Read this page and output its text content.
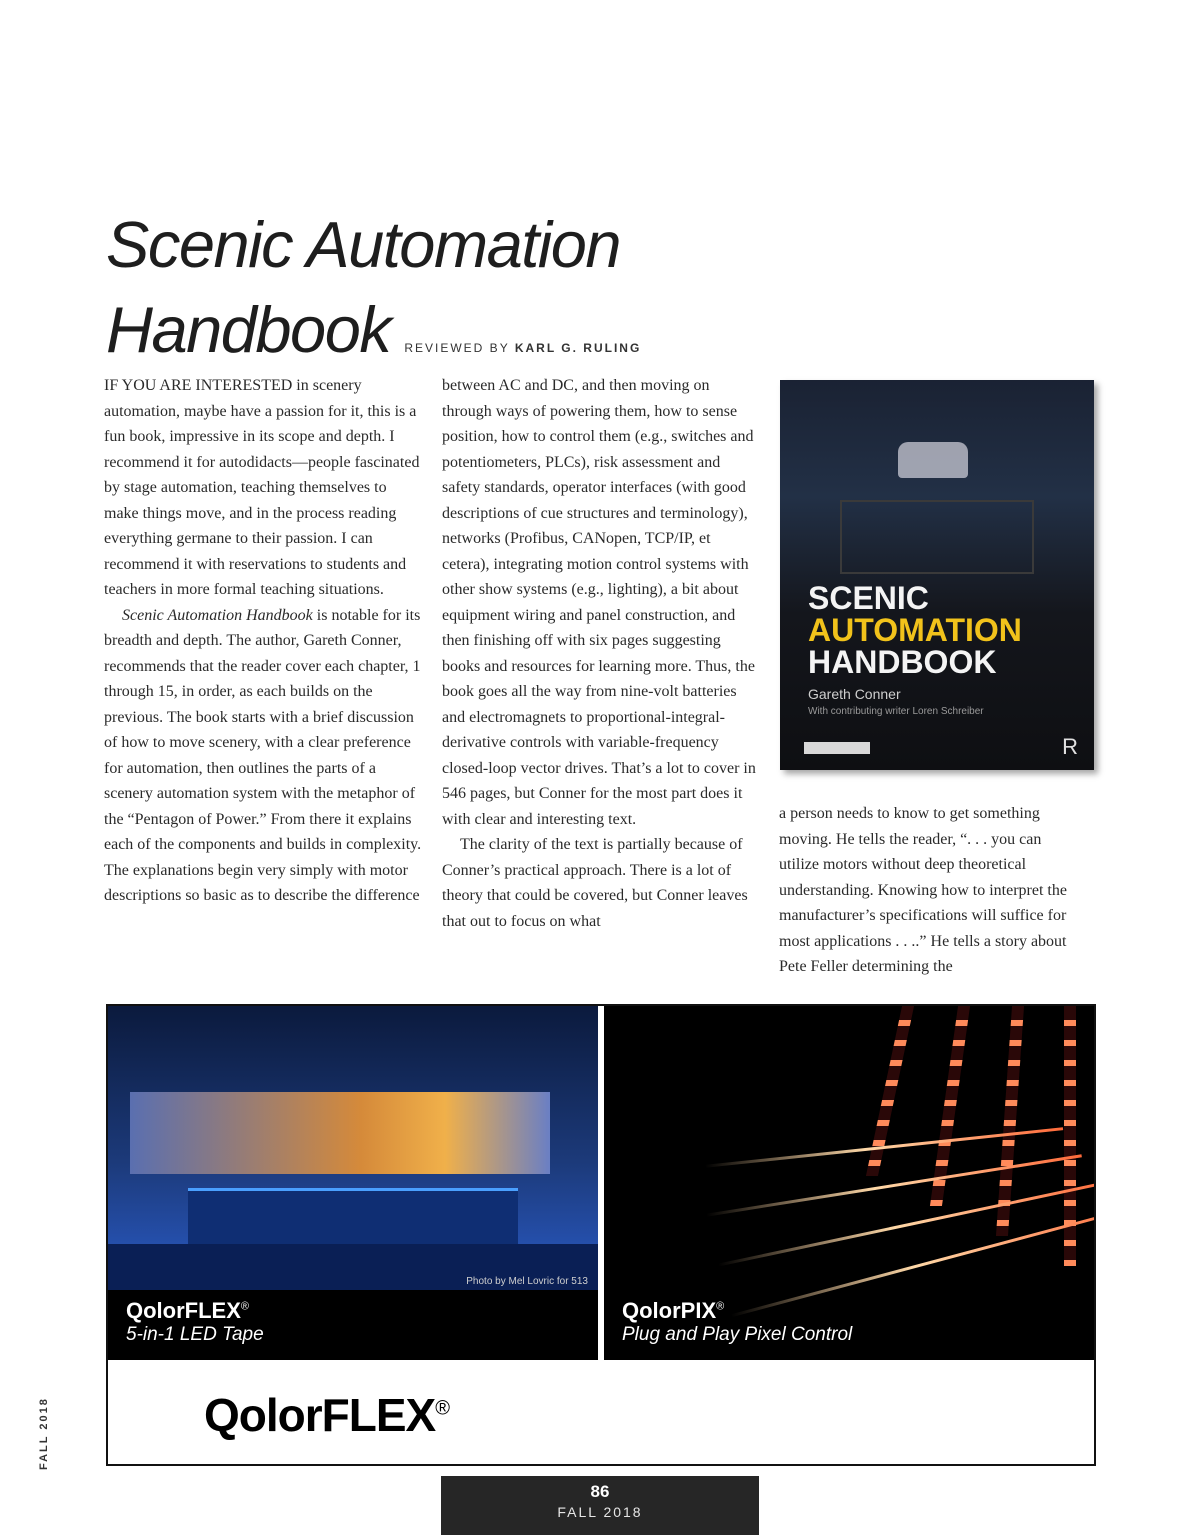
Scenic Automation
Handbook REVIEWED BY KARL G. RULING

IF YOU ARE INTERESTED in scenery automation, maybe have a passion for it, this is a fun book, impressive in its scope and depth. I recommend it for autodidacts—people fascinated by stage automation, teaching themselves to make things move, and in the process reading everything germane to their passion. I can recommend it with reservations to students and teachers in more formal teaching situations.

Scenic Automation Handbook is notable for its breadth and depth. The author, Gareth Conner, recommends that the reader cover each chapter, 1 through 15, in order, as each builds on the previous. The book starts with a brief discussion of how to move scenery, with a clear preference for automation, then outlines the parts of a scenery automation system with the metaphor of the “Pentagon of Power.” From there it explains each of the components and builds in complexity. The explanations begin very simply with motor descriptions so basic as to describe the difference

between AC and DC, and then moving on through ways of powering them, how to sense position, how to control them (e.g., switches and potentiometers, PLCs), risk assessment and safety standards, operator interfaces (with good descriptions of cue structures and terminology), networks (Profibus, CANopen, TCP/IP, et cetera), integrating motion control systems with other show systems (e.g., lighting), a bit about equipment wiring and panel construction, and then finishing off with six pages suggesting books and resources for learning more. Thus, the book goes all the way from nine-volt batteries and electromagnets to proportional-integral-derivative controls with variable-frequency closed-loop vector drives. That’s a lot to cover in 546 pages, but Conner for the most part does it with clear and interesting text.

The clarity of the text is partially because of Conner’s practical approach. There is a lot of theory that could be covered, but Conner leaves that out to focus on what

SCENIC
AUTOMATION
HANDBOOK
Gareth Conner
With contributing writer Loren Schreiber
R

a person needs to know to get something moving. He tells the reader, “. . . you can utilize motors without deep theoretical understanding. Knowing how to interpret the manufacturer’s specifications will suffice for most applications . . ..” He tells a story about Pete Feller determining the

Photo by Mel Lovric for 513
QolorFLEX®
5-in-1 LED Tape
QolorPIX®
Plug and Play Pixel Control
QolorFLEX®
86
FALL 2018
FALL 2018
